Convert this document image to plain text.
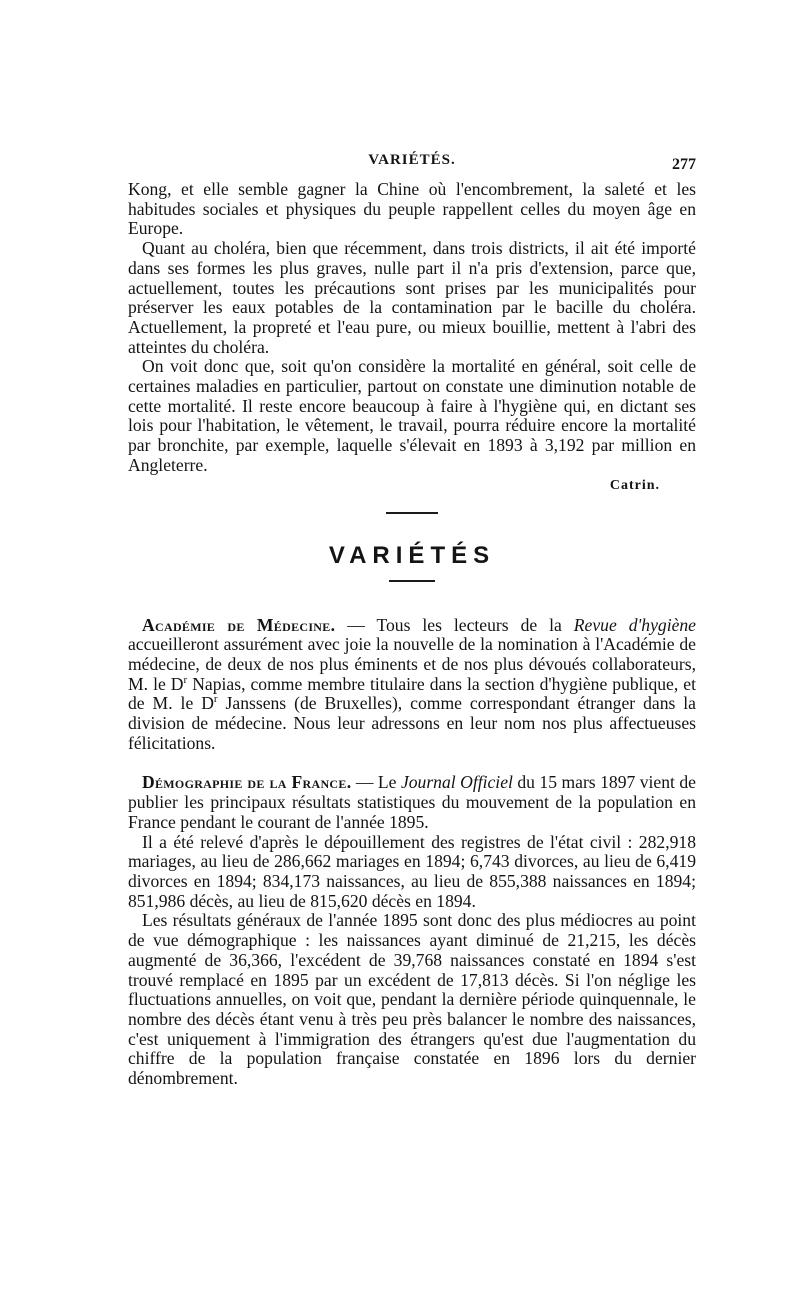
VARIÉTÉS.	277

Kong, et elle semble gagner la Chine où l'encombrement, la saleté et les habitudes sociales et physiques du peuple rappellent celles du moyen âge en Europe.

Quant au choléra, bien que récemment, dans trois districts, il ait été importé dans ses formes les plus graves, nulle part il n'a pris d'extension, parce que, actuellement, toutes les précautions sont prises par les municipalités pour préserver les eaux potables de la contamination par le bacille du choléra. Actuellement, la propreté et l'eau pure, ou mieux bouillie, mettent à l'abri des atteintes du choléra.

On voit donc que, soit qu'on considère la mortalité en général, soit celle de certaines maladies en particulier, partout on constate une diminution notable de cette mortalité. Il reste encore beaucoup à faire à l'hygiène qui, en dictant ses lois pour l'habitation, le vêtement, le travail, pourra réduire encore la mortalité par bronchite, par exemple, laquelle s'élevait en 1893 à 3,192 par million en Angleterre.

Catrin.
VARIÉTÉS

Académie de Médecine. — Tous les lecteurs de la Revue d'hygiène accueilleront assurément avec joie la nouvelle de la nomination à l'Académie de médecine, de deux de nos plus éminents et de nos plus dévoués collaborateurs, M. le $D^r$ Napias, comme membre titulaire dans la section d'hygiène publique, et de M. le $D^r$ Janssens (de Bruxelles), comme correspondant étranger dans la division de médecine. Nous leur adressons en leur nom nos plus affectueuses félicitations.

Démographie de la France. — Le Journal Officiel du 15 mars 1897 vient de publier les principaux résultats statistiques du mouvement de la population en France pendant le courant de l'année 1895.

Il a été relevé d'après le dépouillement des registres de l'état civil : 282,918 mariages, au lieu de 286,662 mariages en 1894; 6,743 divorces, au lieu de 6,419 divorces en 1894; 834,173 naissances, au lieu de 855,388 naissances en 1894; 851,986 décès, au lieu de 815,620 décès en 1894.

Les résultats généraux de l'année 1895 sont donc des plus médiocres au point de vue démographique : les naissances ayant diminué de 21,215, les décès augmenté de 36,366, l'excédent de 39,768 naissances constaté en 1894 s'est trouvé remplacé en 1895 par un excédent de 17,813 décès. Si l'on néglige les fluctuations annuelles, on voit que, pendant la dernière période quinquennale, le nombre des décès étant venu à très peu près balancer le nombre des naissances, c'est uniquement à l'immigration des étrangers qu'est due l'augmentation du chiffre de la population française constatée en 1896 lors du dernier dénombrement.
